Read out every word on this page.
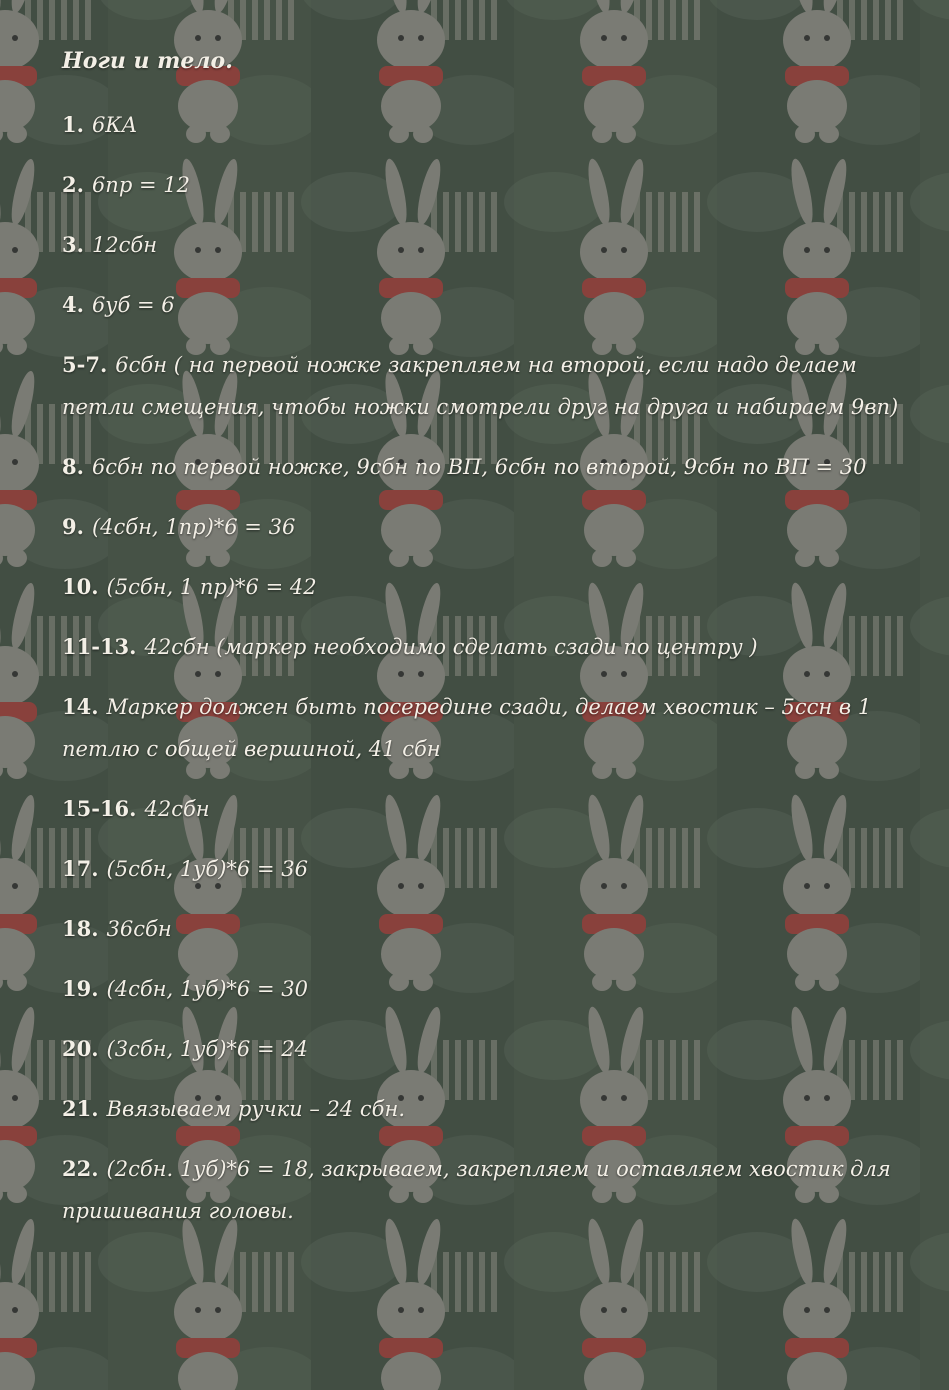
Ноги и тело.
1. 6КА
2. 6пр = 12
3. 12сбн
4. 6уб = 6
5-7. 6сбн ( на первой ножке закрепляем на второй, если надо делаем петли смещения, чтобы ножки смотрели друг на друга и набираем 9вп)
8. 6сбн по первой ножке, 9сбн по ВП, 6сбн по второй, 9сбн по ВП = 30
9. (4сбн, 1пр)*6 = 36
10. (5сбн, 1 пр)*6 = 42
11-13. 42сбн (маркер необходимо сделать сзади по центру )
14. Маркер должен быть посередине сзади, делаем хвостик – 5ссн в 1 петлю с общей вершиной, 41 сбн
15-16. 42сбн
17. (5сбн, 1уб)*6 = 36
18. 36сбн
19. (4сбн, 1уб)*6 = 30
20. (3сбн, 1уб)*6 = 24
21. Ввязываем ручки – 24 сбн.
22. (2сбн. 1уб)*6 = 18, закрываем, закрепляем и оставляем хвостик для пришивания головы.
